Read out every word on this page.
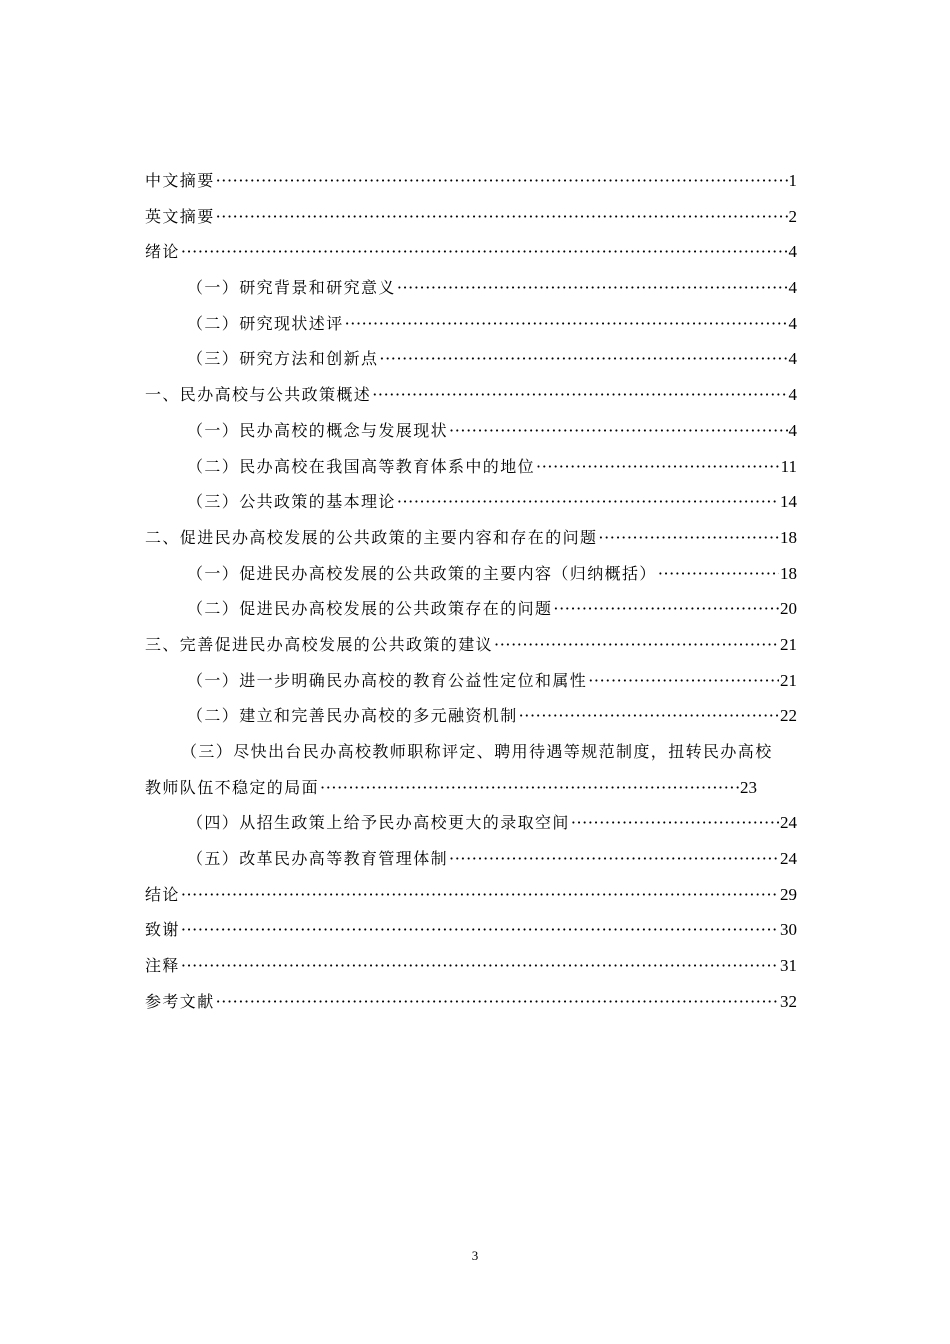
中文摘要 ·····	1
英文摘要 ·····	2
绪论 ·····	4
（一）研究背景和研究意义 ·····	4
（二）研究现状述评 ·····	4
（三）研究方法和创新点 ·····	4
一、民办高校与公共政策概述 ·····	4
（一）民办高校的概念与发展现状 ·····	4
（二）民办高校在我国高等教育体系中的地位 ·····	11
（三）公共政策的基本理论 ·····	14
二、促进民办高校发展的公共政策的主要内容和存在的问题 ·····	18
（一）促进民办高校发展的公共政策的主要内容（归纳概括） ·····	18
（二）促进民办高校发展的公共政策存在的问题 ·····	20
三、完善促进民办高校发展的公共政策的建议 ·····	21
（一）进一步明确民办高校的教育公益性定位和属性 ·····	21
（二）建立和完善民办高校的多元融资机制 ·····	22
（三）尽快出台民办高校教师职称评定、聘用待遇等规范制度，扭转民办高校
教师队伍不稳定的局面 ·····	23
（四）从招生政策上给予民办高校更大的录取空间 ·····	24
（五）改革民办高等教育管理体制 ·····	24
结论 ·····	29
致谢 ·····	30
注释 ·····	31
参考文献 ·····	32
3
